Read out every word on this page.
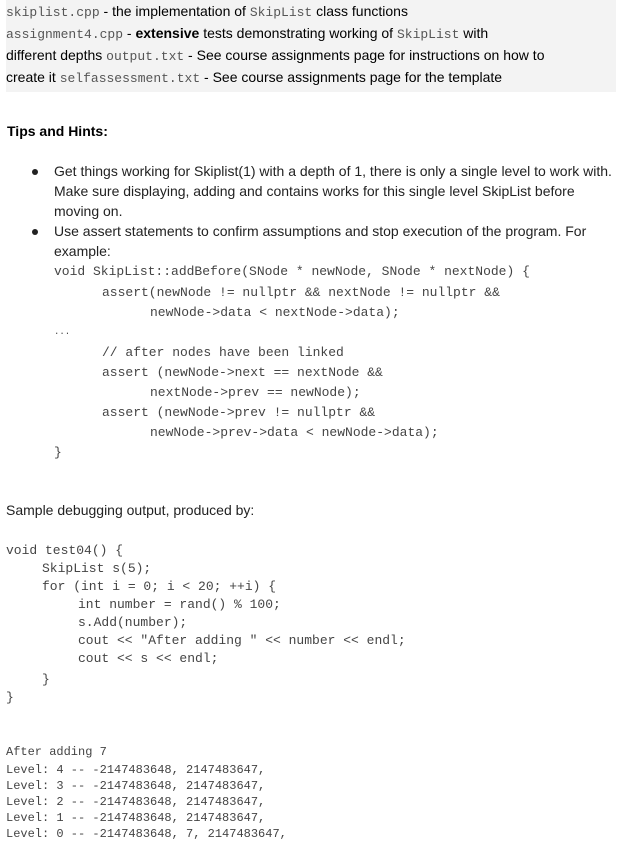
skiplist.cpp - the implementation of SkipList class functions
assignment4.cpp - extensive tests demonstrating working of SkipList with
different depths output.txt - See course assignments page for instructions on how to
create it selfassessment.txt - See course assignments page for the template
Tips and Hints:
Get things working for Skiplist(1) with a depth of 1, there is only a single level to work with. Make sure displaying, adding and contains works for this single level SkipList before moving on.
Use assert statements to confirm assumptions and stop execution of the program. For example:
void SkipList::addBefore(SNode * newNode, SNode * nextNode) {
assert(newNode != nullptr && nextNode != nullptr &&
newNode->data < nextNode->data);
...
// after nodes have been linked
assert (newNode->next == nextNode &&
nextNode->prev == newNode);
assert (newNode->prev != nullptr &&
newNode->prev->data < newNode->data);
}
Sample debugging output, produced by:
void test04() {
SkipList s(5);
for (int i = 0; i < 20; ++i) {
int number = rand() % 100;
s.Add(number);
cout << "After adding " << number << endl;
cout << s << endl;
}
}
After adding 7
Level: 4 -- -2147483648, 2147483647,
Level: 3 -- -2147483648, 2147483647,
Level: 2 -- -2147483648, 2147483647,
Level: 1 -- -2147483648, 2147483647,
Level: 0 -- -2147483648, 7, 2147483647,
